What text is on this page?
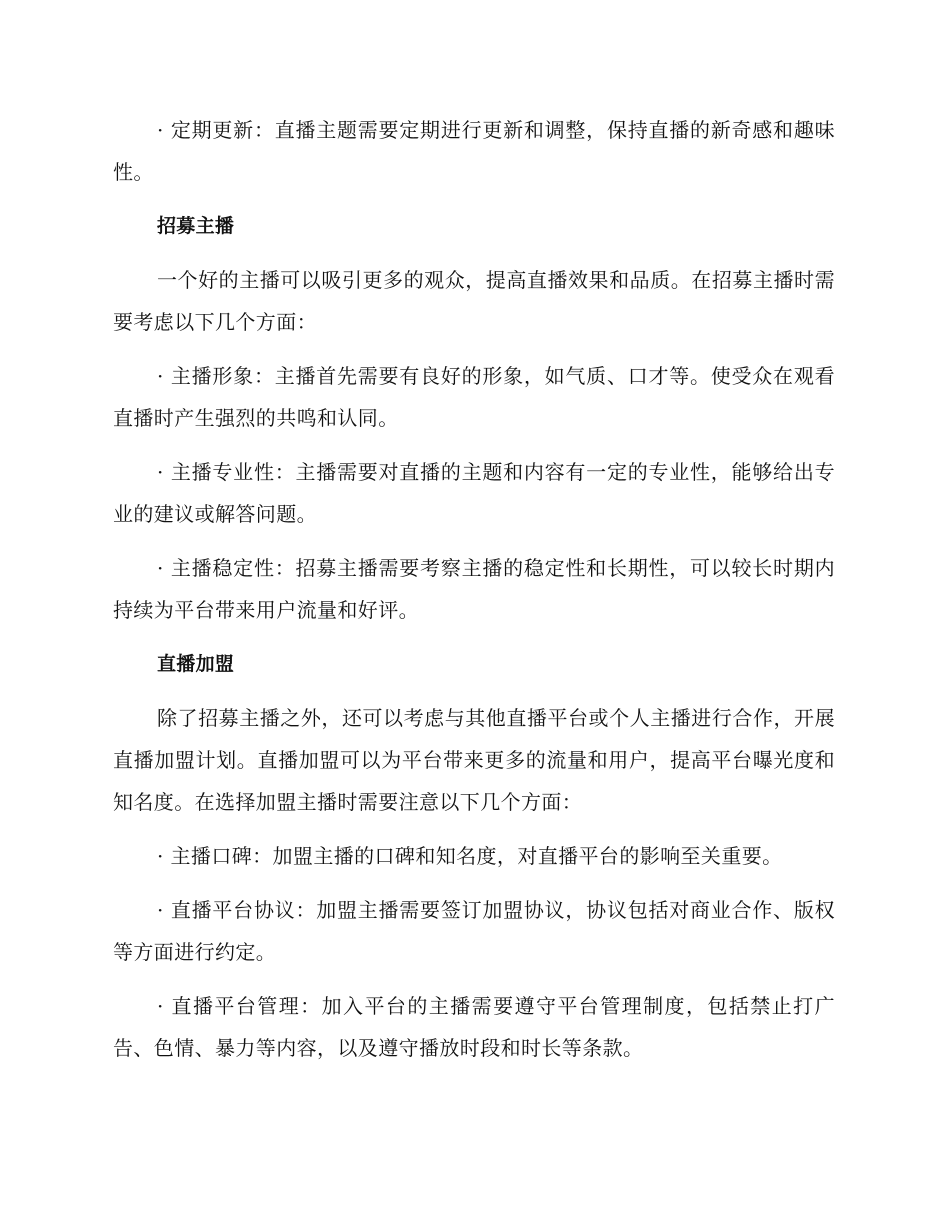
· 定期更新：直播主题需要定期进行更新和调整，保持直播的新奇感和趣味性。

招募主播

一个好的主播可以吸引更多的观众，提高直播效果和品质。在招募主播时需要考虑以下几个方面：

· 主播形象：主播首先需要有良好的形象，如气质、口才等。使受众在观看直播时产生强烈的共鸣和认同。

· 主播专业性：主播需要对直播的主题和内容有一定的专业性，能够给出专业的建议或解答问题。

· 主播稳定性：招募主播需要考察主播的稳定性和长期性，可以较长时期内持续为平台带来用户流量和好评。

直播加盟

除了招募主播之外，还可以考虑与其他直播平台或个人主播进行合作，开展直播加盟计划。直播加盟可以为平台带来更多的流量和用户，提高平台曝光度和知名度。在选择加盟主播时需要注意以下几个方面：

· 主播口碑：加盟主播的口碑和知名度，对直播平台的影响至关重要。

· 直播平台协议：加盟主播需要签订加盟协议，协议包括对商业合作、版权等方面进行约定。

· 直播平台管理：加入平台的主播需要遵守平台管理制度，包括禁止打广告、色情、暴力等内容，以及遵守播放时段和时长等条款。
